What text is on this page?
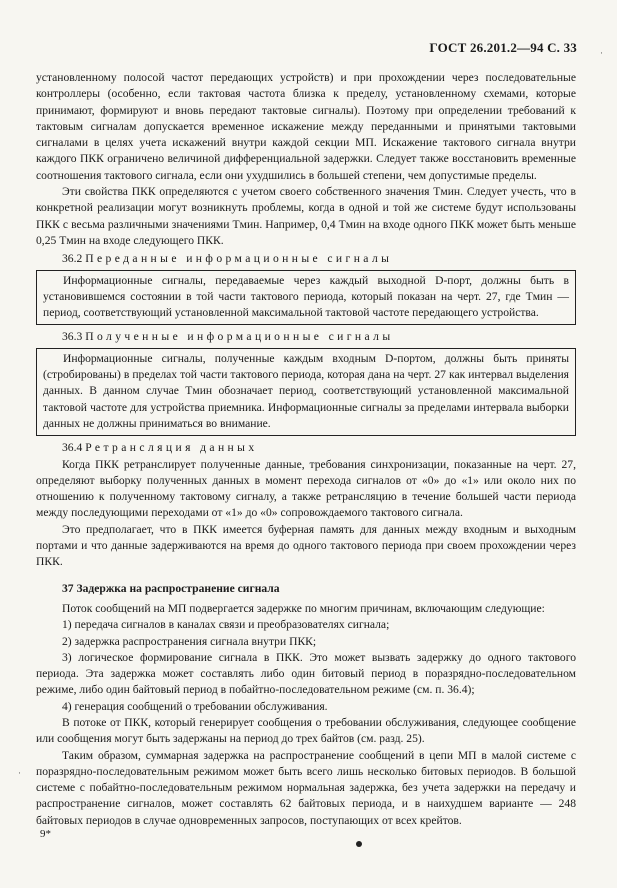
ГОСТ 26.201.2—94 С. 33

установленному полосой частот передающих устройств) и при прохождении через последовательные контроллеры (особенно, если тактовая частота близка к пределу, установленному схемами, которые принимают, формируют и вновь передают тактовые сигналы). Поэтому при определении требований к тактовым сигналам допускается временное искажение между переданными и принятыми тактовыми сигналами в целях учета искажений внутри каждой секции МП. Искажение тактового сигнала внутри каждого ПКК ограничено величиной дифференциальной задержки. Следует также восстановить временные соотношения тактового сигнала, если они ухудшились в большей степени, чем допустимые пределы.

Эти свойства ПКК определяются с учетом своего собственного значения Tмин. Следует учесть, что в конкретной реализации могут возникнуть проблемы, когда в одной и той же системе будут использованы ПКК с весьма различными значениями Tмин. Например, 0,4 Tмин на входе одного ПКК может быть меньше 0,25 Tмин на входе следующего ПКК.

36.2 Переданные информационные сигналы

Информационные сигналы, передаваемые через каждый выходной D-порт, должны быть в установившемся состоянии в той части тактового периода, который показан на черт. 27, где Tмин — период, соответствующий установленной максимальной тактовой частоте передающего устройства.

36.3 Полученные информационные сигналы

Информационные сигналы, полученные каждым входным D-портом, должны быть приняты (стробированы) в пределах той части тактового периода, которая дана на черт. 27 как интервал выделения данных. В данном случае Tмин обозначает период, соответствующий установленной максимальной тактовой частоте для устройства приемника. Информационные сигналы за пределами интервала выборки данных не должны приниматься во внимание.

36.4 Ретрансляция данных

Когда ПКК ретранслирует полученные данные, требования синхронизации, показанные на черт. 27, определяют выборку полученных данных в момент перехода сигналов от «0» до «1» или около них по отношению к полученному тактовому сигналу, а также ретрансляцию в течение большей части периода между последующими переходами от «1» до «0» сопровождаемого тактового сигнала.

Это предполагает, что в ПКК имеется буферная память для данных между входным и выходным портами и что данные задерживаются на время до одного тактового периода при своем прохождении через ПКК.

37 Задержка на распространение сигнала

Поток сообщений на МП подвергается задержке по многим причинам, включающим следующие:

1) передача сигналов в каналах связи и преобразователях сигнала;

2) задержка распространения сигнала внутри ПКК;

3) логическое формирование сигнала в ПКК. Это может вызвать задержку до одного тактового периода. Эта задержка может составлять либо один битовый период в поразрядно-последовательном режиме, либо один байтовый период в побайтно-последовательном режиме (см. п. 36.4);

4) генерация сообщений о требовании обслуживания.

В потоке от ПКК, который генерирует сообщения о требовании обслуживания, следующее сообщение или сообщения могут быть задержаны на период до трех байтов (см. разд. 25).

Таким образом, суммарная задержка на распространение сообщений в цепи МП в малой системе с поразрядно-последовательным режимом может быть всего лишь несколько битовых периодов. В большой системе с побайтно-последовательным режимом нормальная задержка, без учета задержки на передачу и распространение сигналов, может составлять 62 байтовых периода, и в наихудшем варианте — 248 байтовых периодов в случае одновременных запросов, поступающих от всех крейтов.

9*
·
·
